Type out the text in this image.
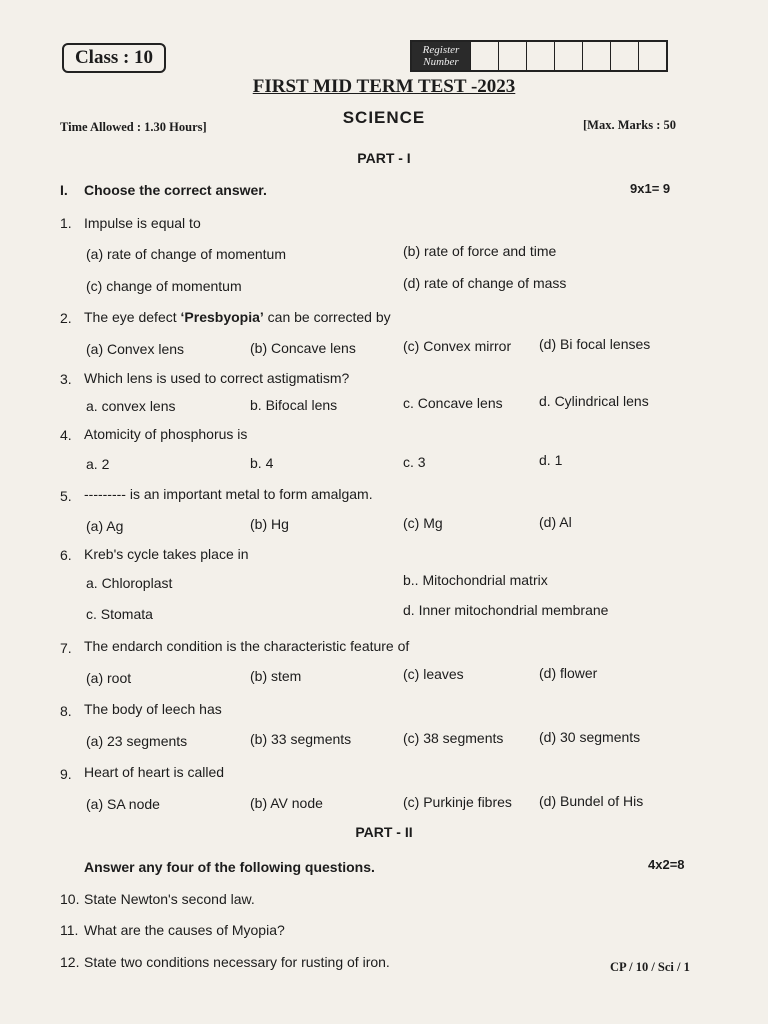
Class : 10	Register Number
FIRST MID TERM TEST -2023
SCIENCE
Time Allowed : 1.30 Hours]	[Max. Marks : 50
PART - I
I. Choose the correct answer.	9x1= 9
1. Impulse is equal to
(a) rate of change of momentum	(b) rate of force and time
(c) change of momentum	(d) rate of change of mass
2. The eye defect ‘Presbyopia’ can be corrected by
(a) Convex lens	(b) Concave lens	(c) Convex mirror (d) Bi focal lenses
3. Which lens is used to correct astigmatism?
a. convex lens	b. Bifocal lens	c. Concave lens	d. Cylindrical lens
4. Atomicity of phosphorus is
a. 2	b. 4	c. 3	d. 1
5. --------- is an important metal to form amalgam.
(a) Ag	(b) Hg	(c) Mg	(d) Al
6. Kreb's cycle takes place in
a. Chloroplast	b.. Mitochondrial matrix
c. Stomata	d. Inner mitochondrial membrane
7. The endarch condition is the characteristic feature of
(a) root	(b) stem	(c) leaves	(d) flower
8. The body of leech has
(a) 23 segments	(b) 33 segments	(c) 38 segments	(d) 30 segments
9. Heart of heart is called
(a) SA node	(b) AV node	(c) Purkinje fibres (d) Bundel of His
PART - II
Answer any four of the following questions.	4x2=8
10. State Newton's second law.
11. What are the causes of Myopia?
12. State two conditions necessary for rusting of iron.	CP / 10 / Sci / 1
